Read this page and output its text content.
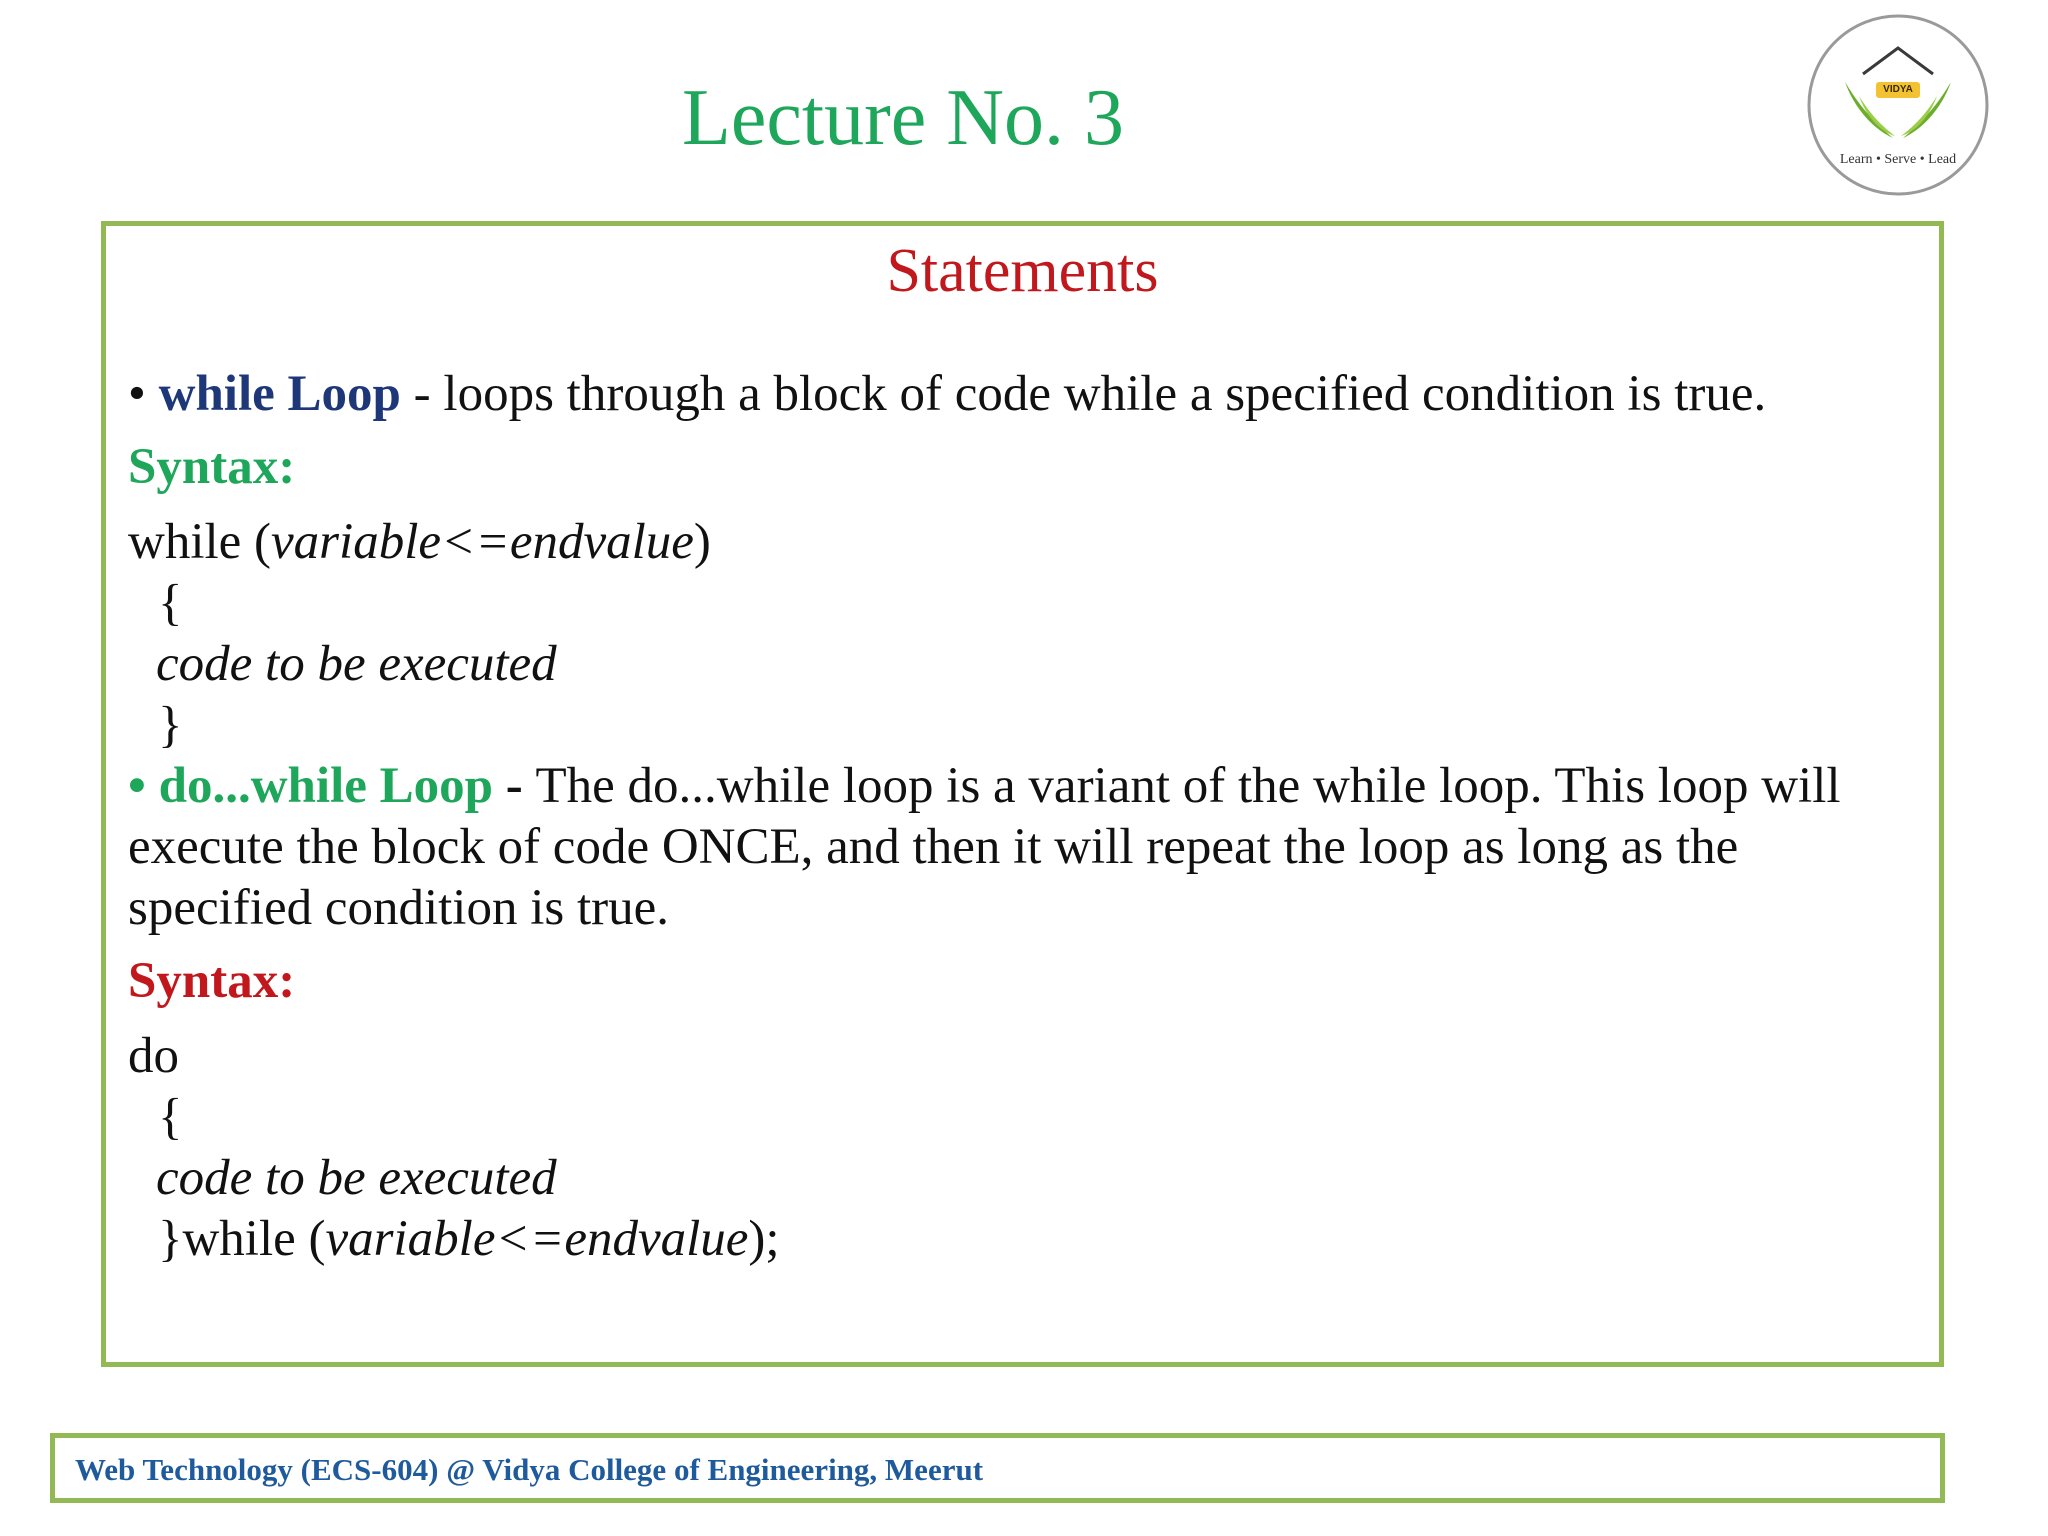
Lecture No. 3	VIDYA
Learn • Serve • Lead
Statements

• while Loop - loops through a block of code while a specified condition is true.

Syntax:

while (variable<=endvalue)

{

code to be executed

}

• do...while Loop - The do...while loop is a variant of the while loop. This loop will execute the block of code ONCE, and then it will repeat the loop as long as the specified condition is true.

Syntax:

do

{

code to be executed

}while (variable<=endvalue);

Web Technology (ECS-604) @ Vidya College of Engineering, Meerut
